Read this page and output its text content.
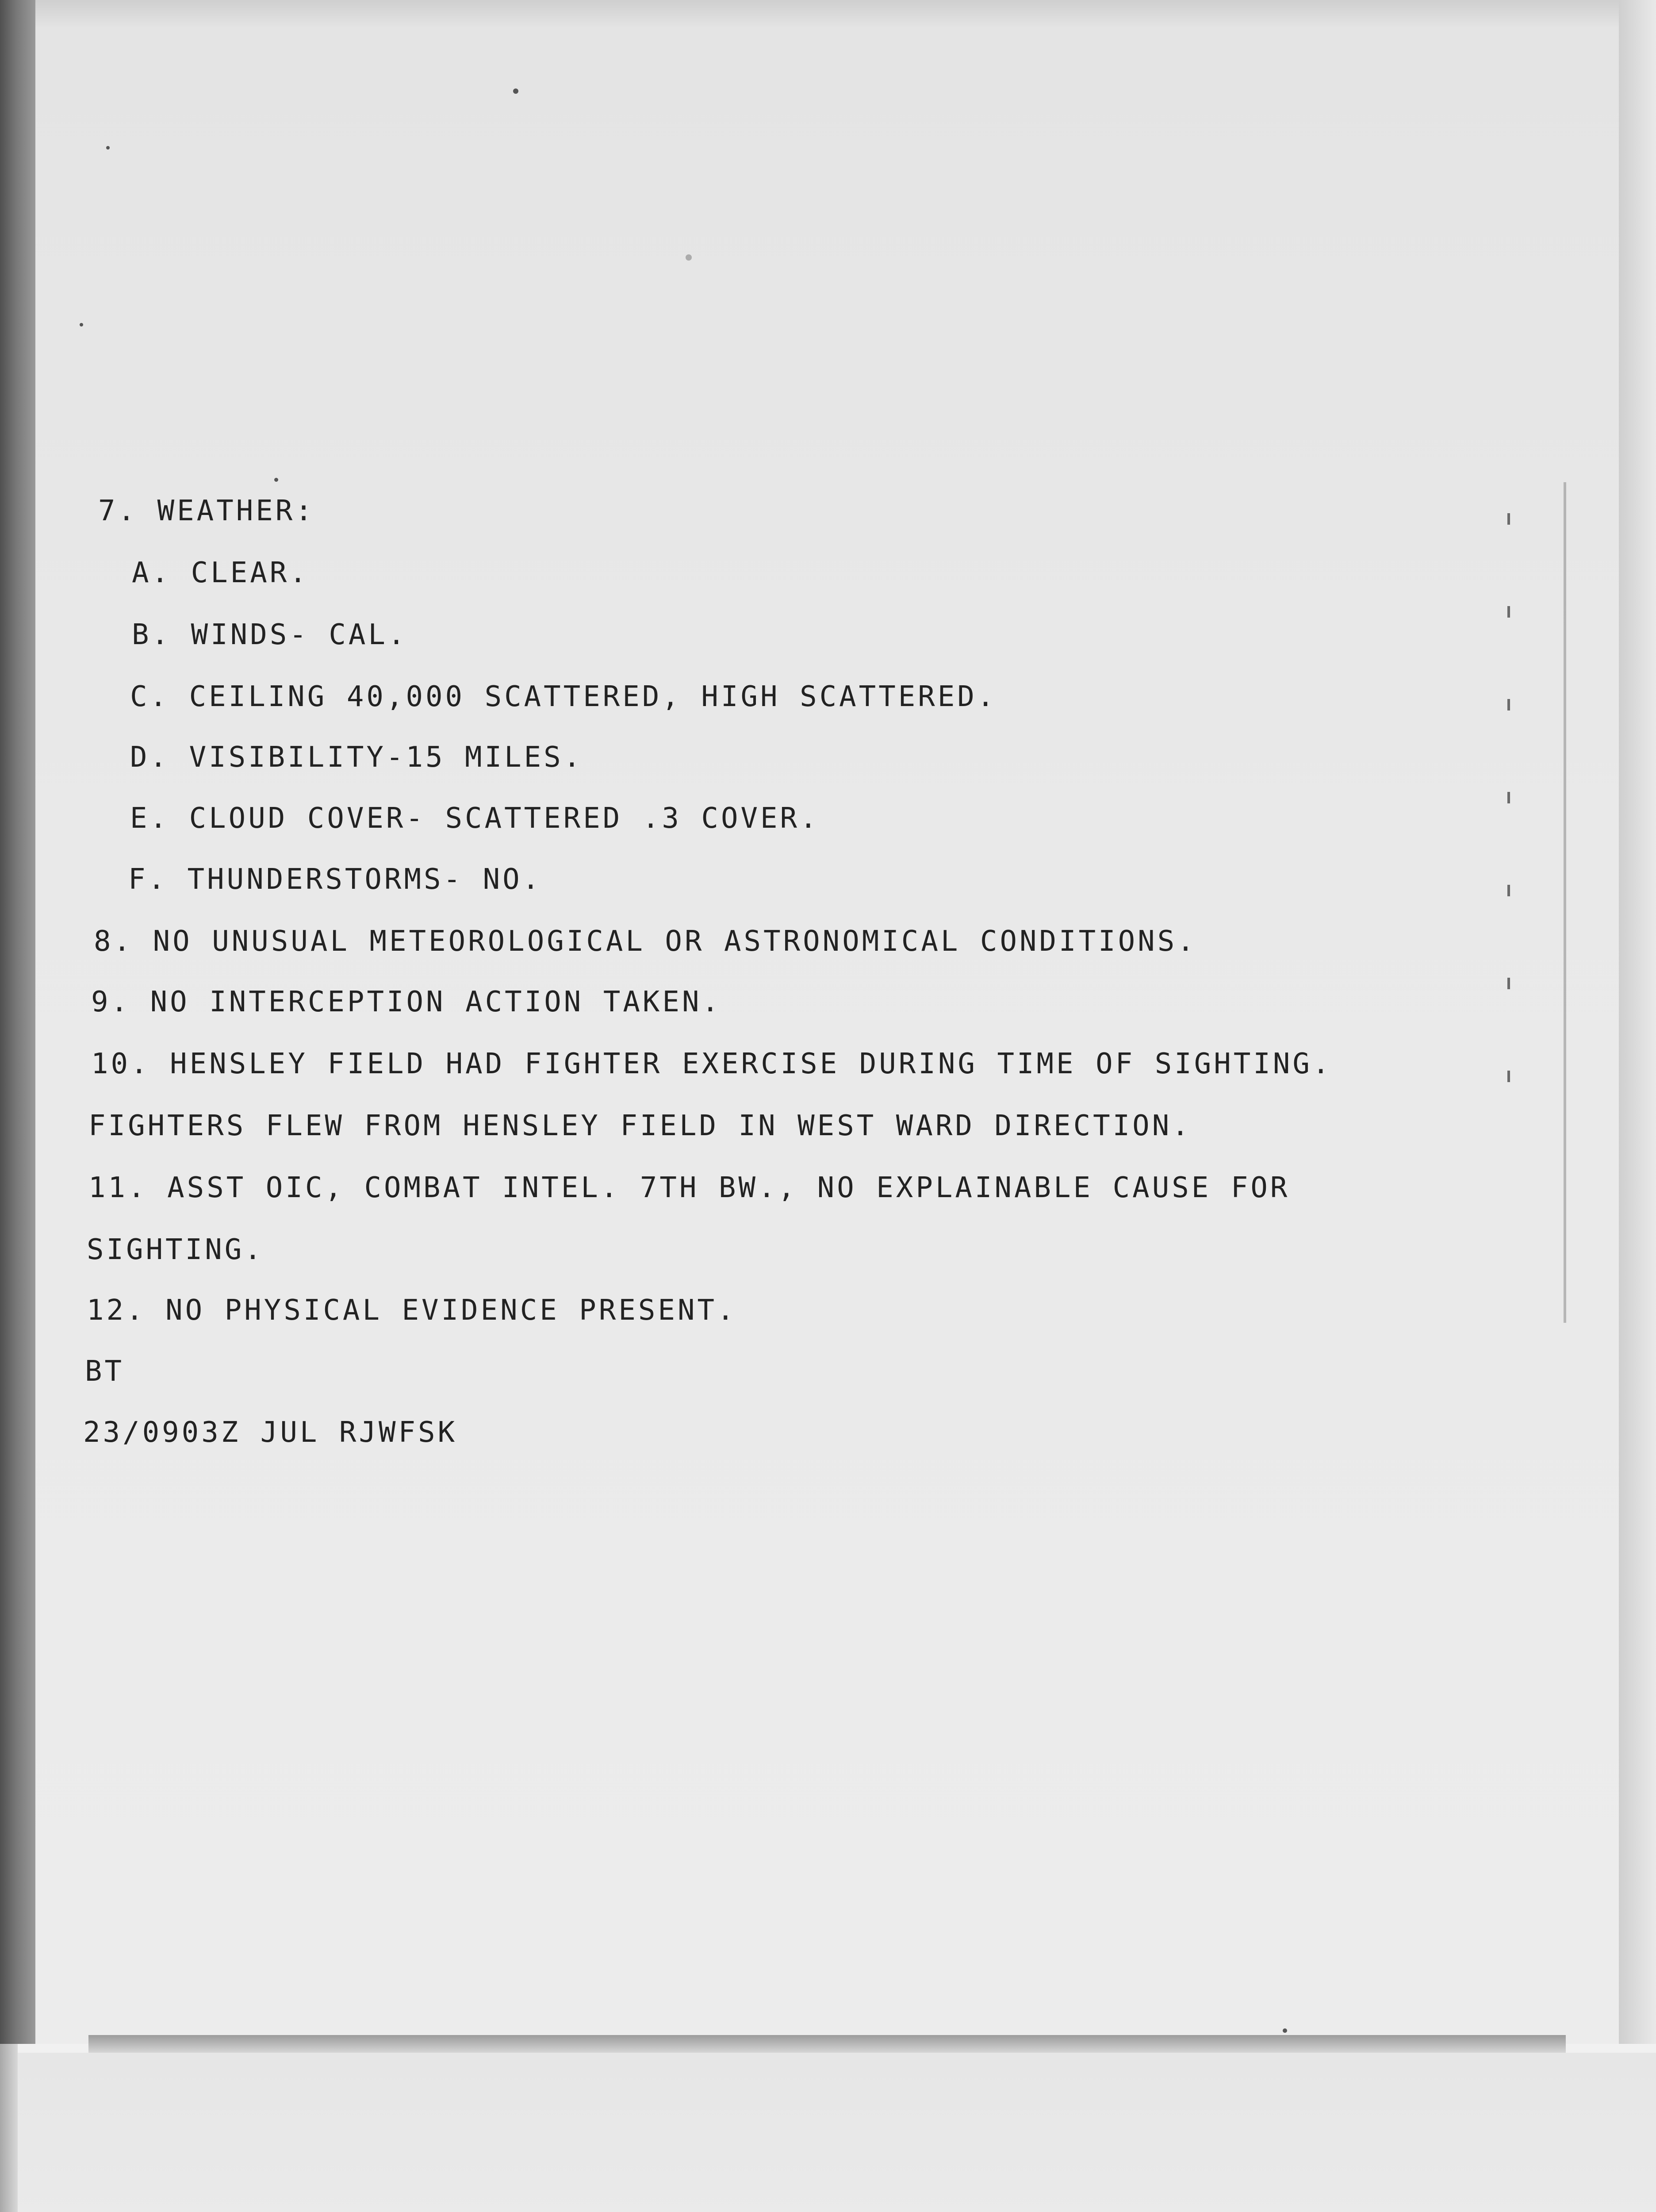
7. WEATHER:
A. CLEAR.
B. WINDS- CAL.
C. CEILING 40,000 SCATTERED, HIGH SCATTERED.
D. VISIBILITY-15 MILES.
E. CLOUD COVER- SCATTERED .3 COVER.
F. THUNDERSTORMS- NO.
8. NO UNUSUAL METEOROLOGICAL OR ASTRONOMICAL CONDITIONS.
9. NO INTERCEPTION ACTION TAKEN.
10. HENSLEY FIELD HAD FIGHTER EXERCISE DURING TIME OF SIGHTING.
FIGHTERS FLEW FROM HENSLEY FIELD IN WEST WARD DIRECTION.
11. ASST OIC, COMBAT INTEL. 7TH BW., NO EXPLAINABLE CAUSE FOR
SIGHTING.
12. NO PHYSICAL EVIDENCE PRESENT.
BT
23/0903Z JUL RJWFSK
